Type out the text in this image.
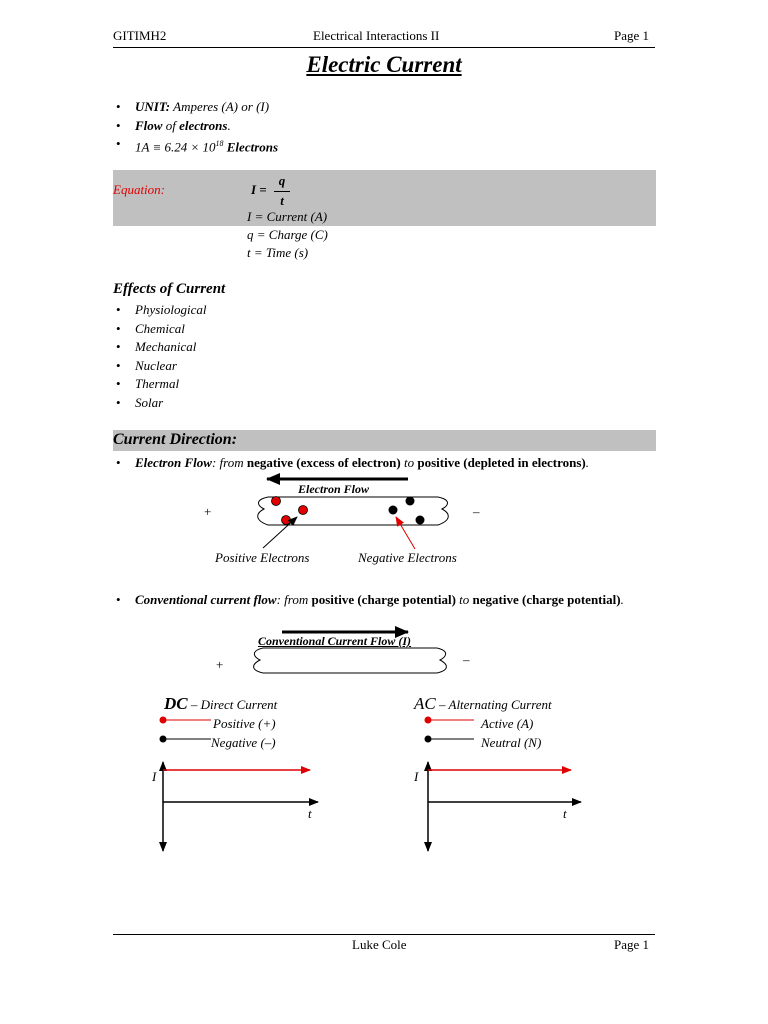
GITIMH2	Electrical Interactions II	Page 1
Electric Current
• UNIT: Amperes (A) or (I)
• Flow of electrons.
• $1A \equiv 6.24 \times 10^{18}$ Electrons
Equation:	I =
q
t
I = Current (A)
q = Charge (C)
t = Time (s)
Effects of Current
• Physiological
• Chemical
• Mechanical
• Nuclear
• Thermal
• Solar
Current Direction:
• Electron Flow: from negative (excess of electron) to positive (depleted in electrons).
Electron Flow
+	–
Positive Electrons	Negative Electrons
• Conventional current flow: from positive (charge potential) to negative (charge potential).
Conventional Current Flow (I)
+	–
DC – Direct Current
Positive (+)
Negative (–)
I
t
AC – Alternating Current
Active (A)
Neutral (N)
I
t
Luke Cole	Page 1
